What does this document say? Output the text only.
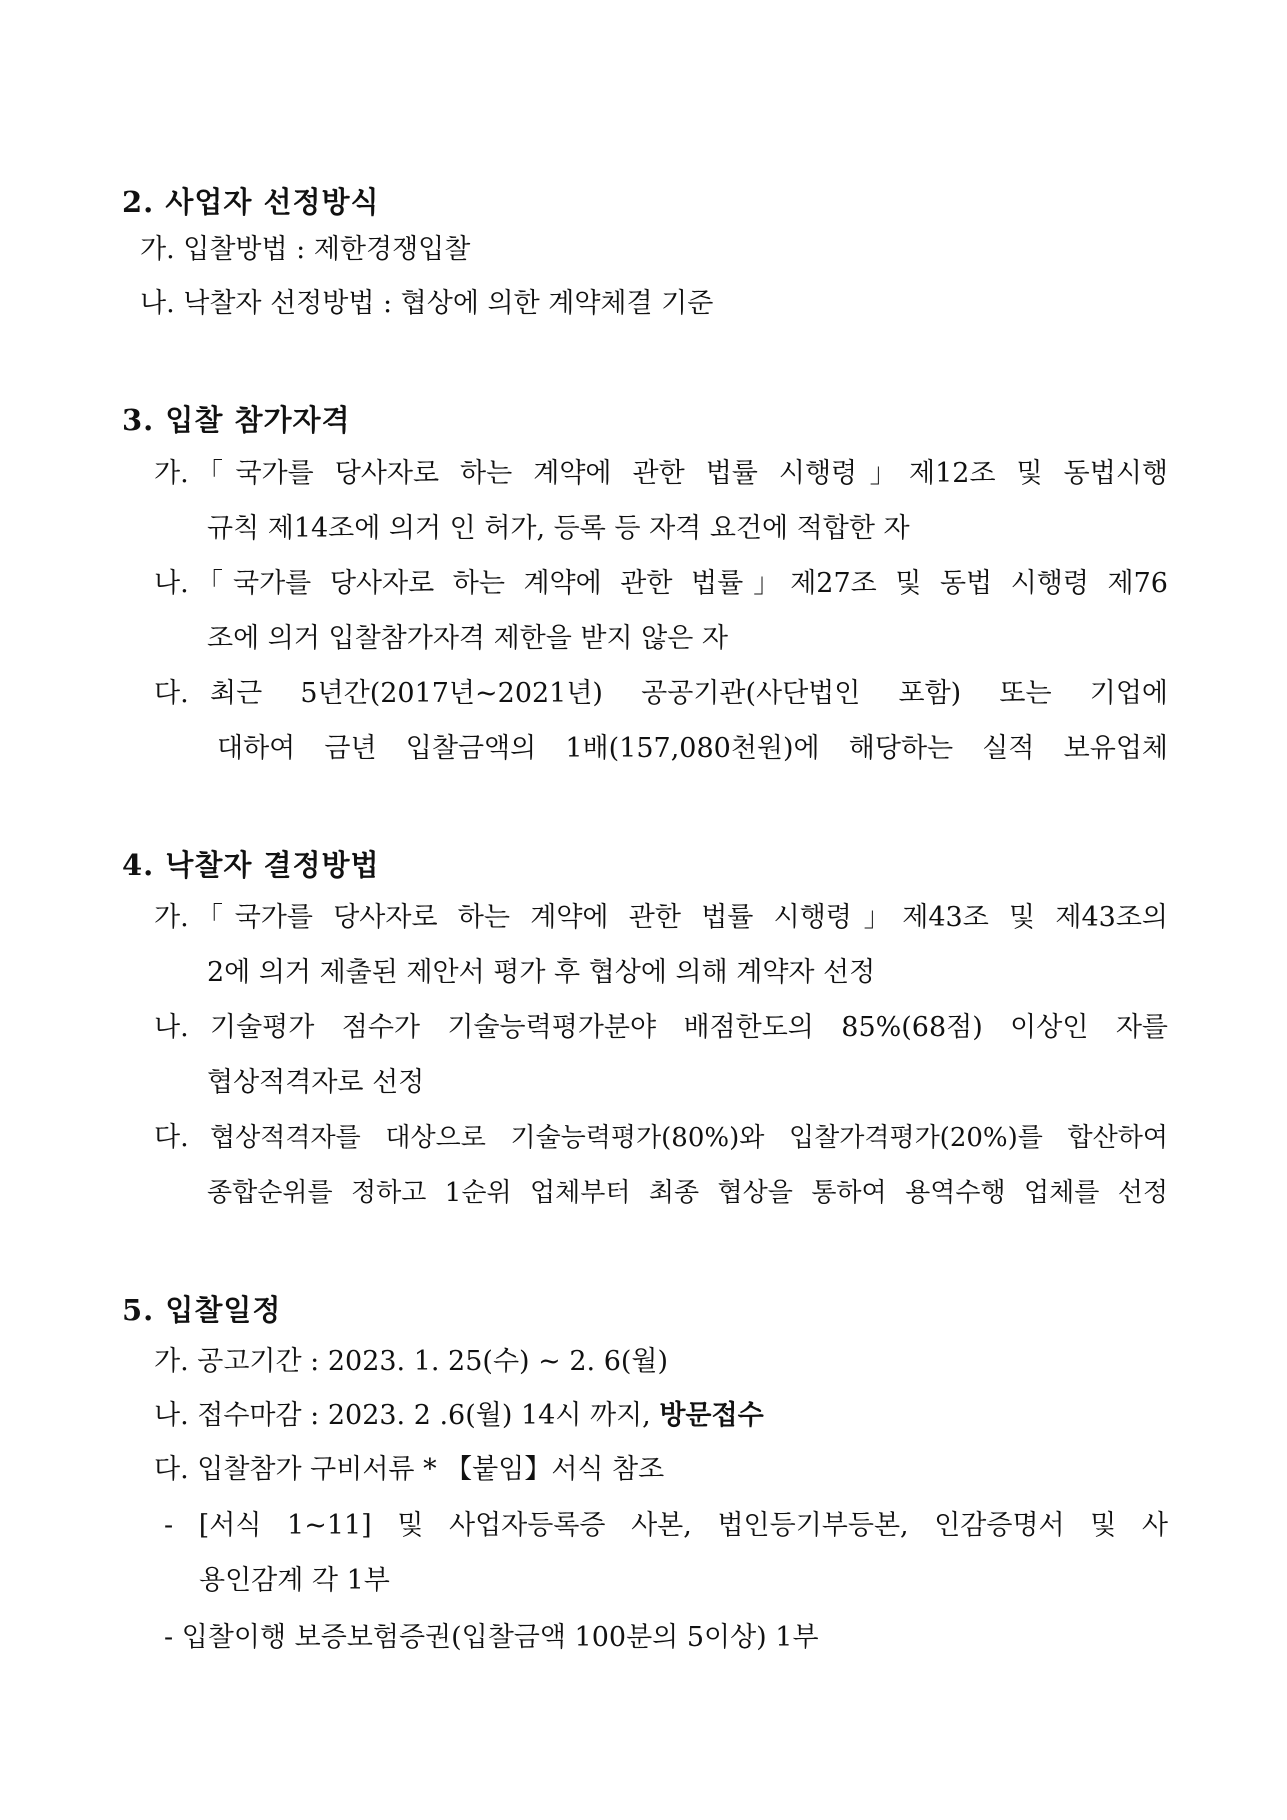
2. 사업자 선정방식
가. 입찰방법 : 제한경쟁입찰
나. 낙찰자 선정방법 : 협상에 의한 계약체결 기준
3. 입찰 참가자격
가. 「국가를 당사자로 하는 계약에 관한 법률 시행령」제12조 및 동법시행
규칙 제14조에 의거 인 허가, 등록 등 자격 요건에 적합한 자
나. 「국가를 당사자로 하는 계약에 관한 법률」제27조 및 동법 시행령 제76
조에 의거 입찰참가자격 제한을 받지 않은 자
다. 최근 5년간(2017년~2021년) 공공기관(사단법인 포함) 또는 기업에
대하여 금년 입찰금액의 1배(157,080천원)에 해당하는 실적 보유업체
4. 낙찰자 결정방법
가. 「국가를 당사자로 하는 계약에 관한 법률 시행령」제43조 및 제43조의
2에 의거 제출된 제안서 평가 후 협상에 의해 계약자 선정
나. 기술평가 점수가 기술능력평가분야 배점한도의 85%(68점) 이상인 자를
협상적격자로 선정
다. 협상적격자를 대상으로 기술능력평가(80%)와 입찰가격평가(20%)를 합산하여
종합순위를 정하고 1순위 업체부터 최종 협상을 통하여 용역수행 업체를 선정
5. 입찰일정
가. 공고기간 : 2023. 1. 25(수) ~ 2. 6(월)
나. 접수마감 : 2023. 2 .6(월) 14시 까지, 방문접수
다. 입찰참가 구비서류 * 【붙임】서식 참조
- [서식 1~11] 및 사업자등록증 사본, 법인등기부등본, 인감증명서 및 사
용인감계 각 1부
- 입찰이행 보증보험증권(입찰금액 100분의 5이상) 1부
